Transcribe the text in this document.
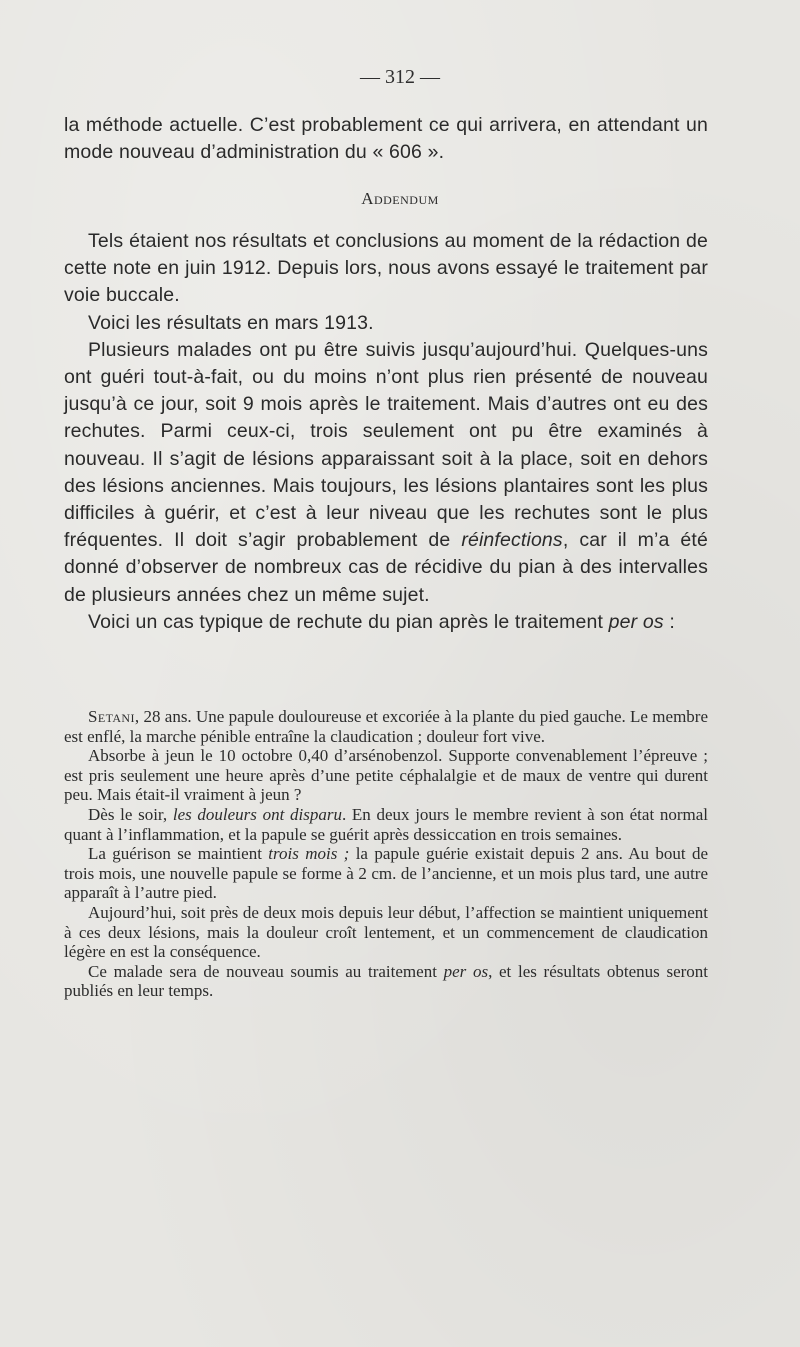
— 312 —

la méthode actuelle. C’est probablement ce qui arrivera, en attendant un mode nouveau d’administration du « 606 ».

Addendum

Tels étaient nos résultats et conclusions au moment de la rédaction de cette note en juin 1912. Depuis lors, nous avons essayé le traitement par voie buccale.

Voici les résultats en mars 1913.

Plusieurs malades ont pu être suivis jusqu’aujourd’hui. Quelques-uns ont guéri tout-à-fait, ou du moins n’ont plus rien présenté de nouveau jusqu’à ce jour, soit 9 mois après le traitement. Mais d’autres ont eu des rechutes. Parmi ceux-ci, trois seulement ont pu être examinés à nouveau. Il s’agit de lésions apparaissant soit à la place, soit en dehors des lésions anciennes. Mais toujours, les lésions plantaires sont les plus difficiles à guérir, et c’est à leur niveau que les rechutes sont le plus fréquentes. Il doit s’agir probablement de réinfections, car il m’a été donné d’observer de nombreux cas de récidive du pian à des intervalles de plusieurs années chez un même sujet.

Voici un cas typique de rechute du pian après le traitement per os :

Setani, 28 ans. Une papule douloureuse et excoriée à la plante du pied gauche. Le membre est enflé, la marche pénible entraîne la claudication ; douleur fort vive.

Absorbe à jeun le 10 octobre 0,40 d’arsénobenzol. Supporte convenablement l’épreuve ; est pris seulement une heure après d’une petite céphalalgie et de maux de ventre qui durent peu. Mais était-il vraiment à jeun ?

Dès le soir, les douleurs ont disparu. En deux jours le membre revient à son état normal quant à l’inflammation, et la papule se guérit après dessiccation en trois semaines.

La guérison se maintient trois mois ; la papule guérie existait depuis 2 ans. Au bout de trois mois, une nouvelle papule se forme à 2 cm. de l’ancienne, et un mois plus tard, une autre apparaît à l’autre pied.

Aujourd’hui, soit près de deux mois depuis leur début, l’affection se maintient uniquement à ces deux lésions, mais la douleur croît lentement, et un commencement de claudication légère en est la conséquence.

Ce malade sera de nouveau soumis au traitement per os, et les résultats obtenus seront publiés en leur temps.
